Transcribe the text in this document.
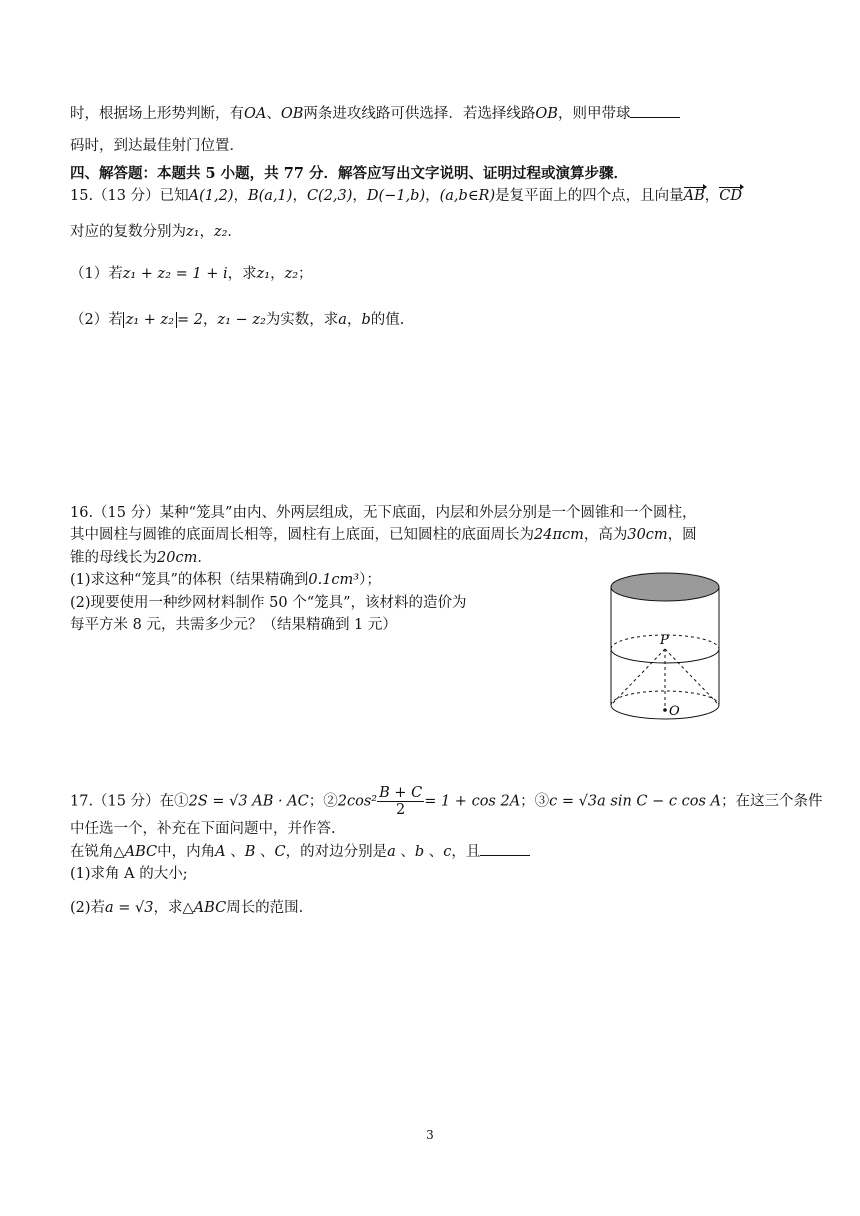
时，根据场上形势判断，有OA、OB两条进攻线路可供选择．若选择线路OB，则甲带球
码时，到达最佳射门位置．
四、解答题：本题共 5 小题，共 77 分．解答应写出文字说明、证明过程或演算步骤．
15.（13 分）已知A(1,2)，B(a,1)，C(2,3)，D(−1,b)，(a,b∈R)是复平面上的四个点，且向量AB，CD
对应的复数分别为z₁，z₂．
（1）若z₁ + z₂ = 1 + i，求z₁，z₂；
（2）若 z₁ + z₂ = 2，z₁ − z₂为实数，求a，b的值.
16.（15 分）某种“笼具”由内、外两层组成，无下底面，内层和外层分别是一个圆锥和一个圆柱，
其中圆柱与圆锥的底面周长相等，圆柱有上底面，已知圆柱的底面周长为24πcm，高为30cm，圆
锥的母线长为20cm．
(1)求这种“笼具”的体积（结果精确到0.1cm³）；
(2)现要使用一种纱网材料制作 50 个“笼具”，该材料的造价为
每平方米 8 元，共需多少元？（结果精确到 1 元）
P
O
17.（15 分）在①2S = √3 AB · AC；②2cos² $\frac{B + C}{2} = 1 + \cos 2A$；③c = √3a sin C − c cos A；在这三个条件
中任选一个，补充在下面问题中，并作答.
在锐角△ABC中，内角A 、B 、C，的对边分别是a 、b 、c，且
(1)求角 A 的大小;
(2)若a = √3，求△ABC周长的范围.
3
